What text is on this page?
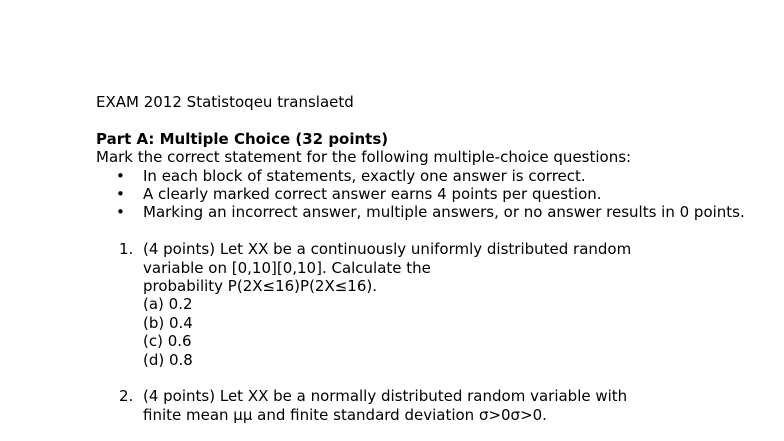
EXAM 2012 Statistoqeu translaetd

Part A: Multiple Choice (32 points)

Mark the correct statement for the following multiple-choice questions:

• In each block of statements, exactly one answer is correct.
• A clearly marked correct answer earns 4 points per question.
• Marking an incorrect answer, multiple answers, or no answer results in 0 points.
1. (4 points) Let XX be a continuously uniformly distributed random
variable on [0,10][0,10]. Calculate the
probability P(2X≤16)P(2X≤16).
(a) 0.2
(b) 0.4
(c) 0.6
(d) 0.8
2. (4 points) Let XX be a normally distributed random variable with
finite mean μμ and finite standard deviation σ>0σ>0.
